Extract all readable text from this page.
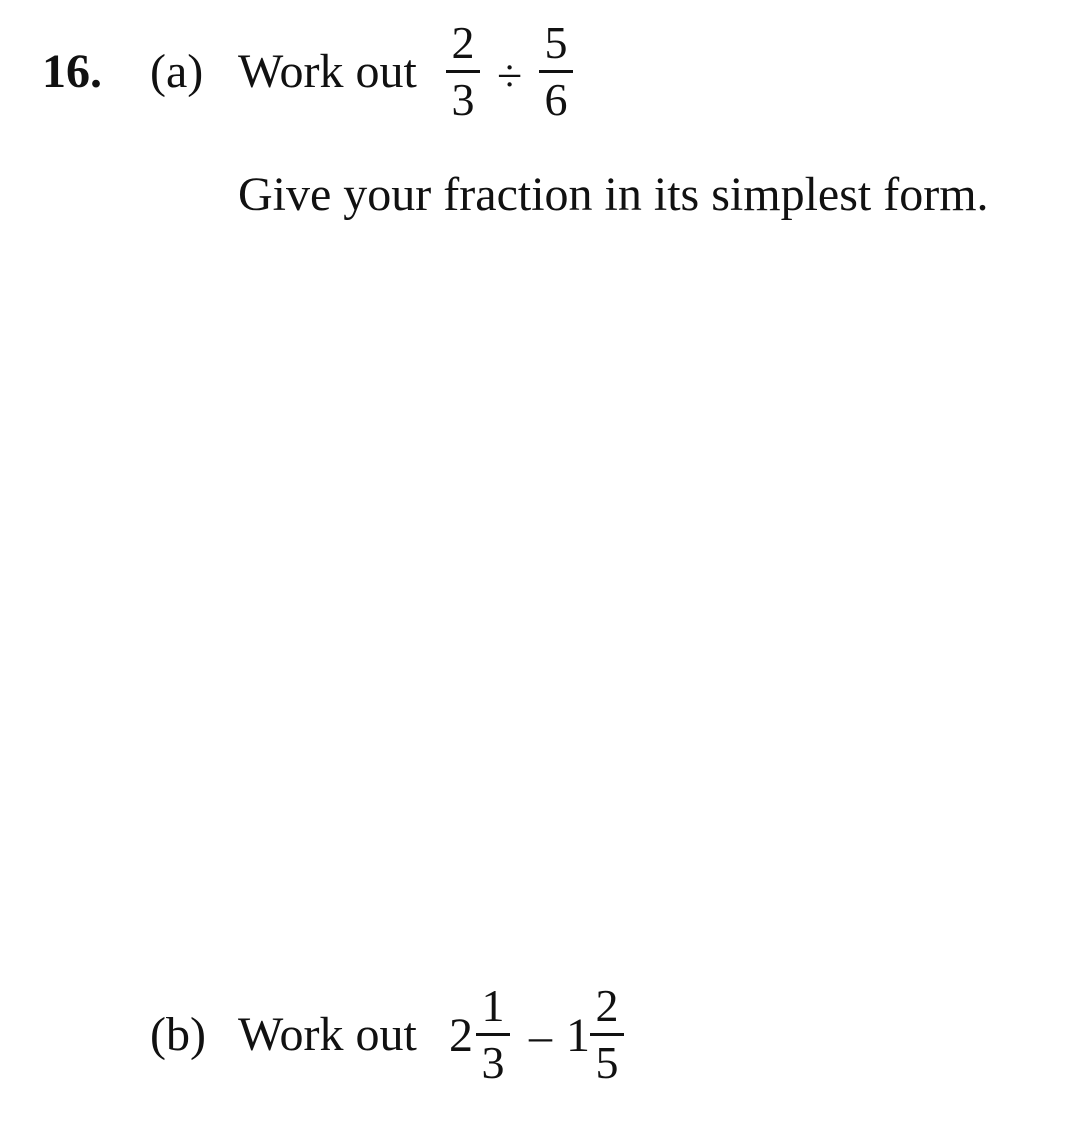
16. (a) Work out
2
3 ÷
5
6
Give your fraction in its simplest form.
(b) Work out 2
1
3
– 1
2
5
